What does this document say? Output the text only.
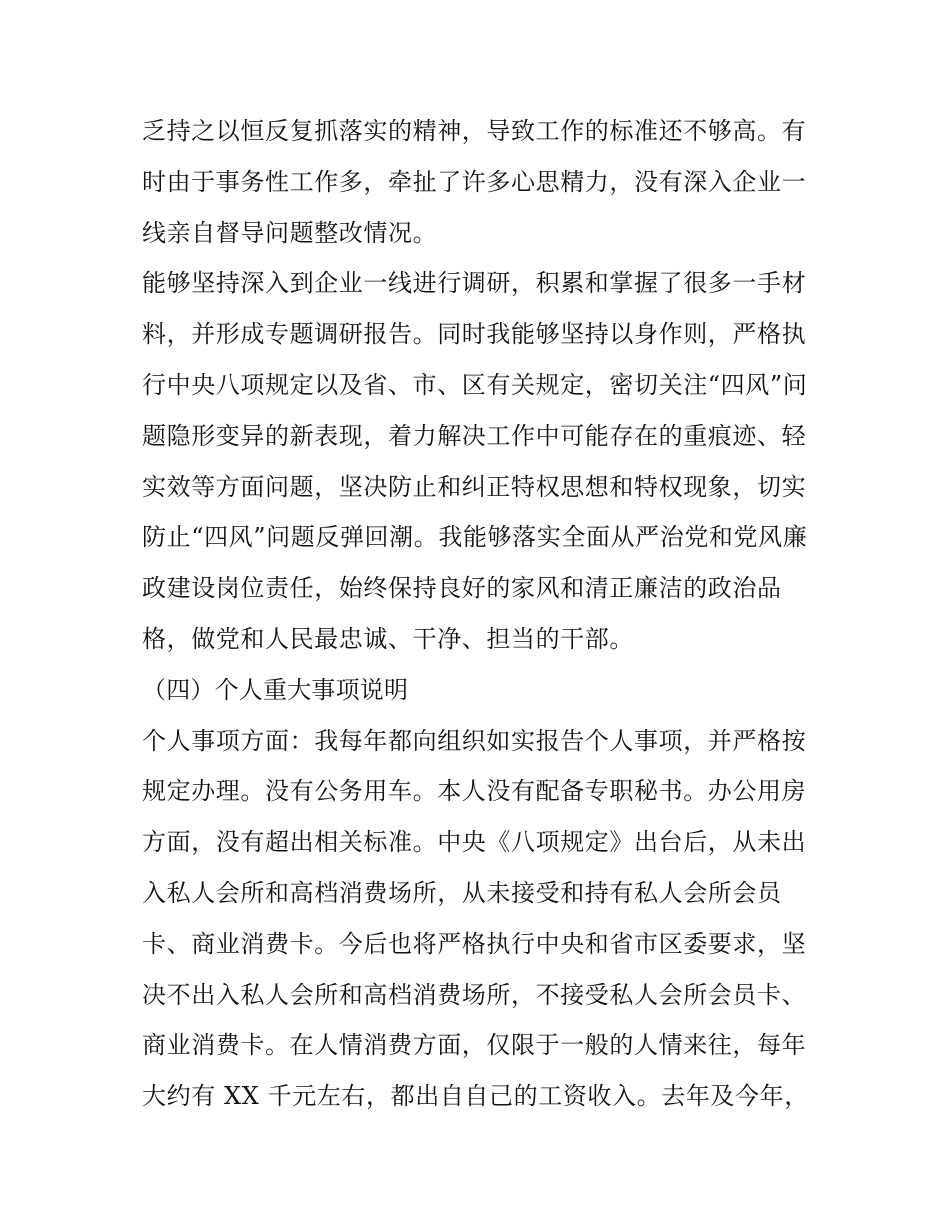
乏持之以恒反复抓落实的精神，导致工作的标准还不够高。有
时由于事务性工作多，牵扯了许多心思精力，没有深入企业一
线亲自督导问题整改情况。
能够坚持深入到企业一线进行调研，积累和掌握了很多一手材
料，并形成专题调研报告。同时我能够坚持以身作则，严格执
行中央八项规定以及省、市、区有关规定，密切关注“四风”问
题隐形变异的新表现，着力解决工作中可能存在的重痕迹、轻
实效等方面问题，坚决防止和纠正特权思想和特权现象，切实
防止“四风”问题反弹回潮。我能够落实全面从严治党和党风廉
政建设岗位责任，始终保持良好的家风和清正廉洁的政治品
格，做党和人民最忠诚、干净、担当的干部。
（四）个人重大事项说明
个人事项方面：我每年都向组织如实报告个人事项，并严格按
规定办理。没有公务用车。本人没有配备专职秘书。办公用房
方面，没有超出相关标准。中央《八项规定》出台后，从未出
入私人会所和高档消费场所，从未接受和持有私人会所会员
卡、商业消费卡。今后也将严格执行中央和省市区委要求，坚
决不出入私人会所和高档消费场所，不接受私人会所会员卡、
商业消费卡。在人情消费方面，仅限于一般的人情来往，每年
大约有 XX 千元左右，都出自自己的工资收入。去年及今年，
